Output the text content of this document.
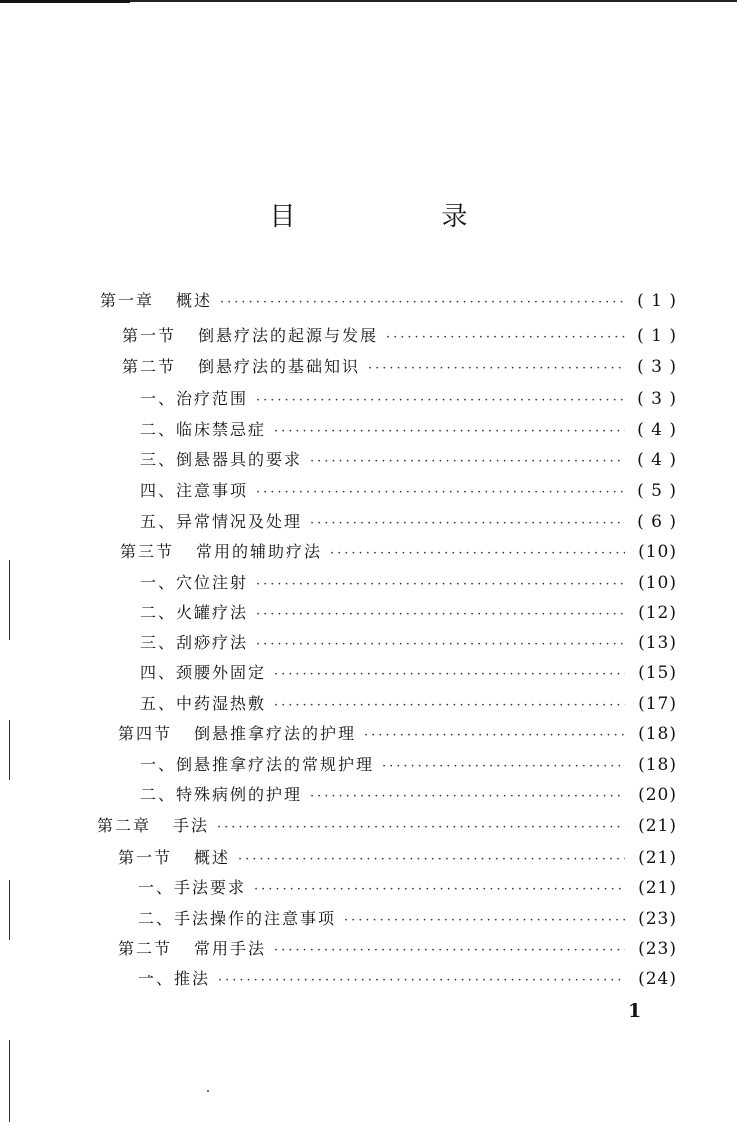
目　录
第一章 概述 ·····	( 1 )
第一节 倒悬疗法的起源与发展 ·····	( 1 )
第二节 倒悬疗法的基础知识 ·····	( 3 )
一、治疗范围 ·····	( 3 )
二、临床禁忌症 ·····	( 4 )
三、倒悬器具的要求 ·····	( 4 )
四、注意事项 ·····	( 5 )
五、异常情况及处理 ·····	( 6 )
第三节 常用的辅助疗法 ·····	(10)
一、穴位注射 ·····	(10)
二、火罐疗法 ·····	(12)
三、刮痧疗法 ·····	(13)
四、颈腰外固定 ·····	(15)
五、中药湿热敷 ·····	(17)
第四节 倒悬推拿疗法的护理 ·····	(18)
一、倒悬推拿疗法的常规护理 ·····	(18)
二、特殊病例的护理 ·····	(20)
第二章 手法 ·····	(21)
第一节 概述 ·····	(21)
一、手法要求 ·····	(21)
二、手法操作的注意事项 ·····	(23)
第二节 常用手法 ·····	(23)
一、推法 ·····	(24)
1
